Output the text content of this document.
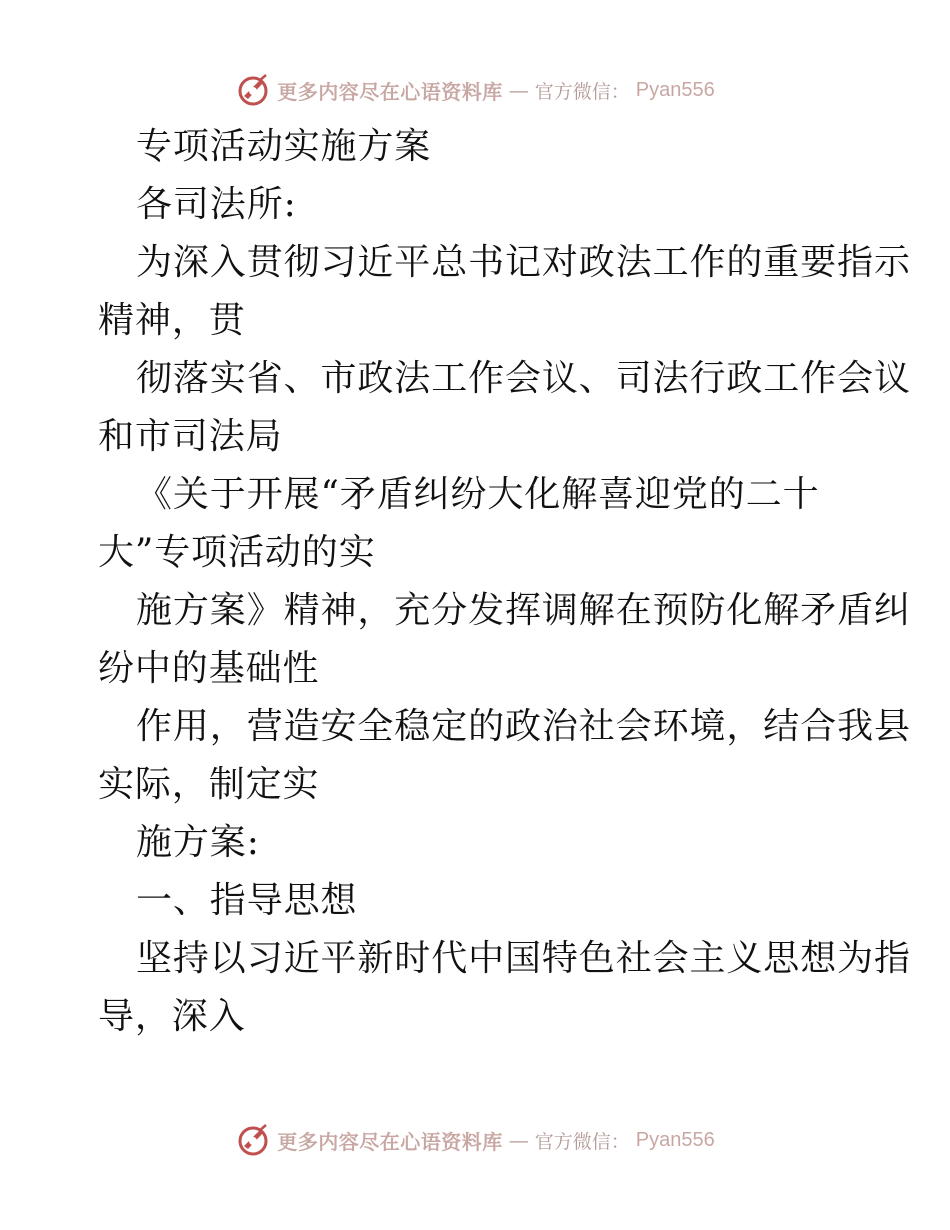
更多内容尽在心语资料库 — 官方微信： Pyan556
专项活动实施方案
各司法所:
为深入贯彻习近平总书记对政法工作的重要指示
精神，贯
彻落实省、市政法工作会议、司法行政工作会议
和市司法局
《关于开展“矛盾纠纷大化解喜迎党的二十
大”专项活动的实
施方案》精神，充分发挥调解在预防化解矛盾纠
纷中的基础性
作用，营造安全稳定的政治社会环境，结合我县
实际，制定实
施方案:
一、指导思想
坚持以习近平新时代中国特色社会主义思想为指
导，深入
更多内容尽在心语资料库 — 官方微信： Pyan556
